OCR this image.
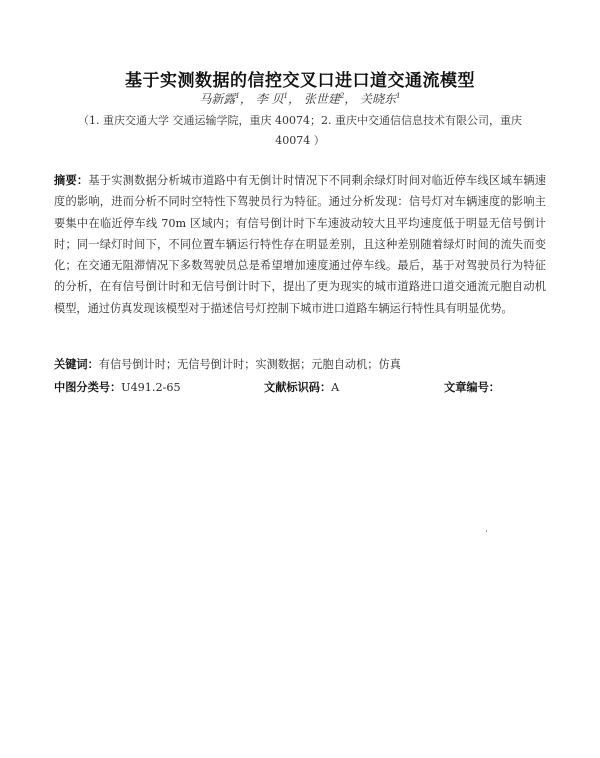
基于实测数据的信控交叉口进口道交通流模型
马新露$^1$， 李 贝$^1$， 张世建$^2$， 关晓东$^1$
（1. 重庆交通大学 交通运输学院，重庆 40074；2. 重庆中交通信信息技术有限公司，重庆 40074 ）
摘要：基于实测数据分析城市道路中有无倒计时情况下不同剩余绿灯时间对临近停车线区域车辆速度的影响，进而分析不同时空特性下驾驶员行为特征。通过分析发现：信号灯对车辆速度的影响主要集中在临近停车线 70m 区域内；有信号倒计时下车速波动较大且平均速度低于明显无信号倒计时；同一绿灯时间下，不同位置车辆运行特性存在明显差别，且这种差别随着绿灯时间的流失而变化；在交通无阻滞情况下多数驾驶员总是希望增加速度通过停车线。最后，基于对驾驶员行为特征的分析，在有信号倒计时和无信号倒计时下，提出了更为现实的城市道路进口道交通流元胞自动机模型，通过仿真发现该模型对于描述信号灯控制下城市进口道路车辆运行特性具有明显优势。
关键词：有信号倒计时；无信号倒计时；实测数据；元胞自动机；仿真
中图分类号：U491.2-65	文献标识码：A	文章编号：
